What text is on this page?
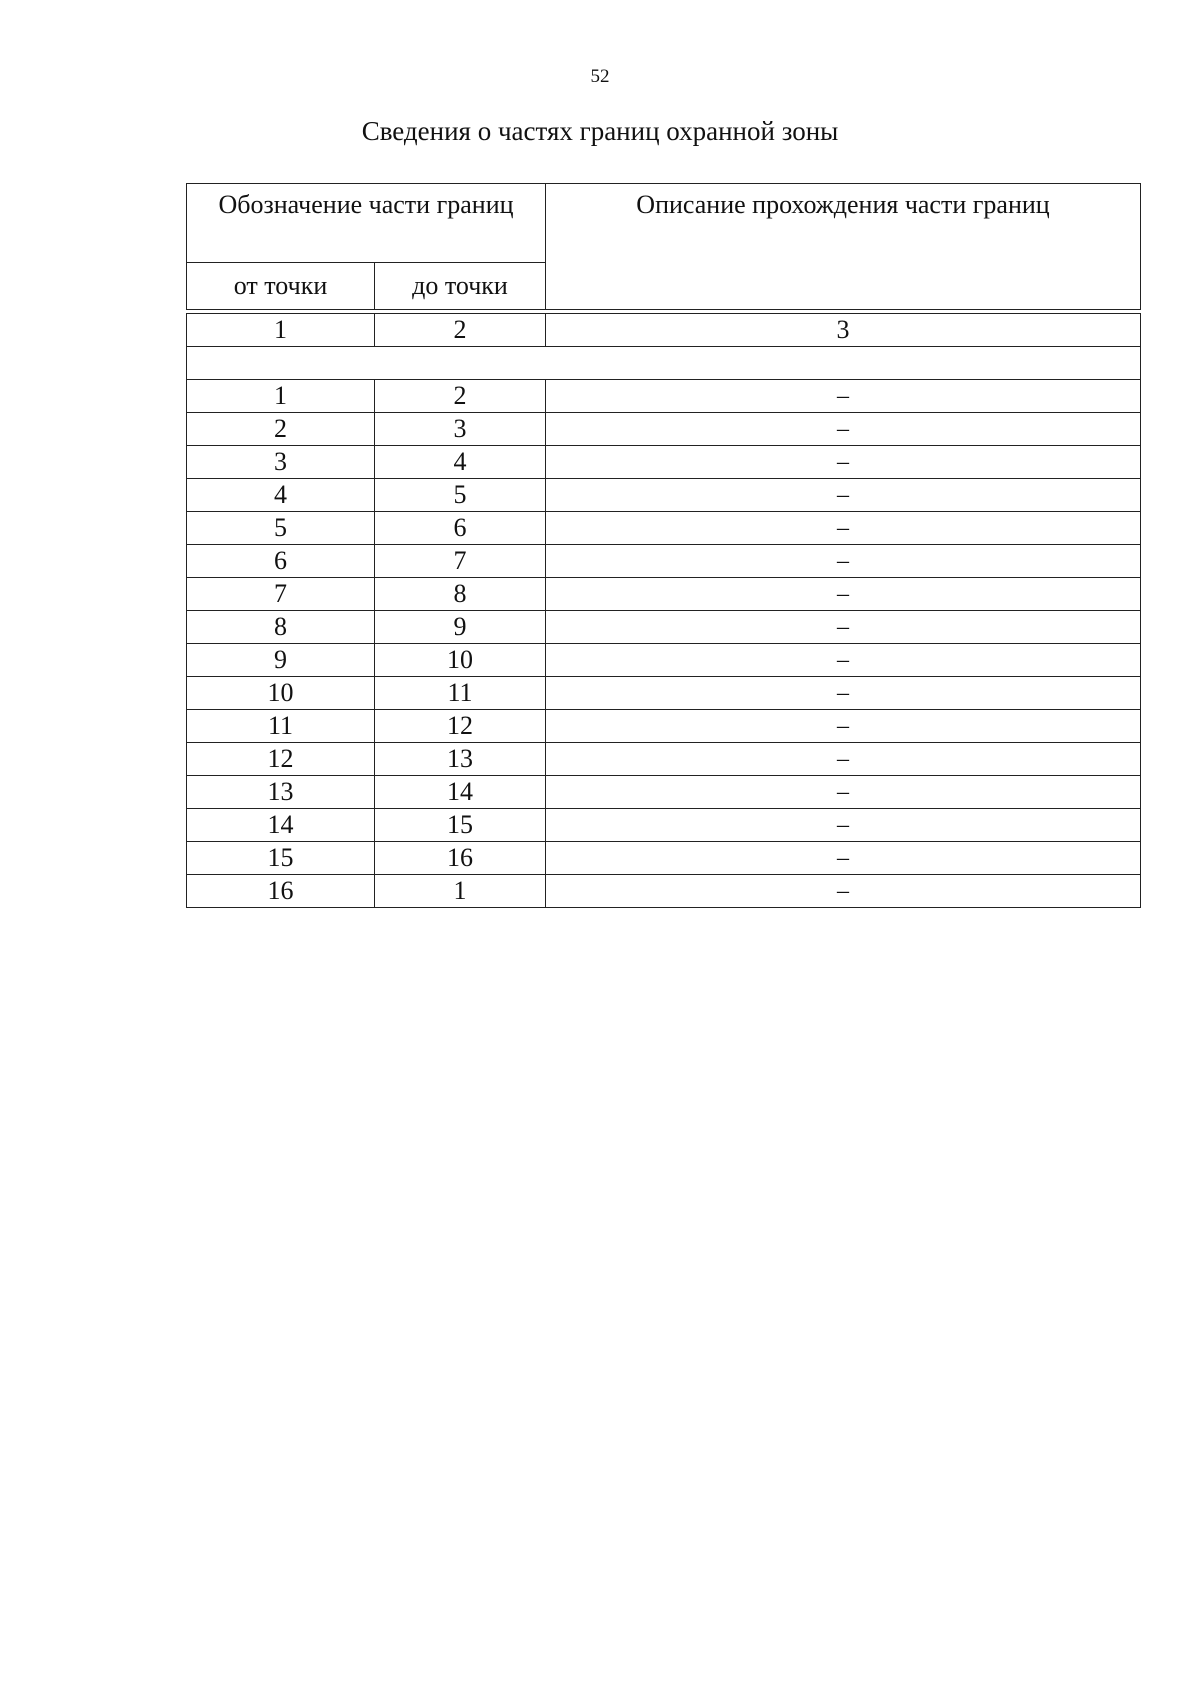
52
Сведения о частях границ охранной зоны
Обозначение части границ		Описание прохождения части границ
от точки	до точки	

1	2	3

1	2	–
2	3	–
3	4	–
4	5	–
5	6	–
6	7	–
7	8	–
8	9	–
9	10	–
10	11	–
11	12	–
12	13	–
13	14	–
14	15	–
15	16	–
16	1	–
